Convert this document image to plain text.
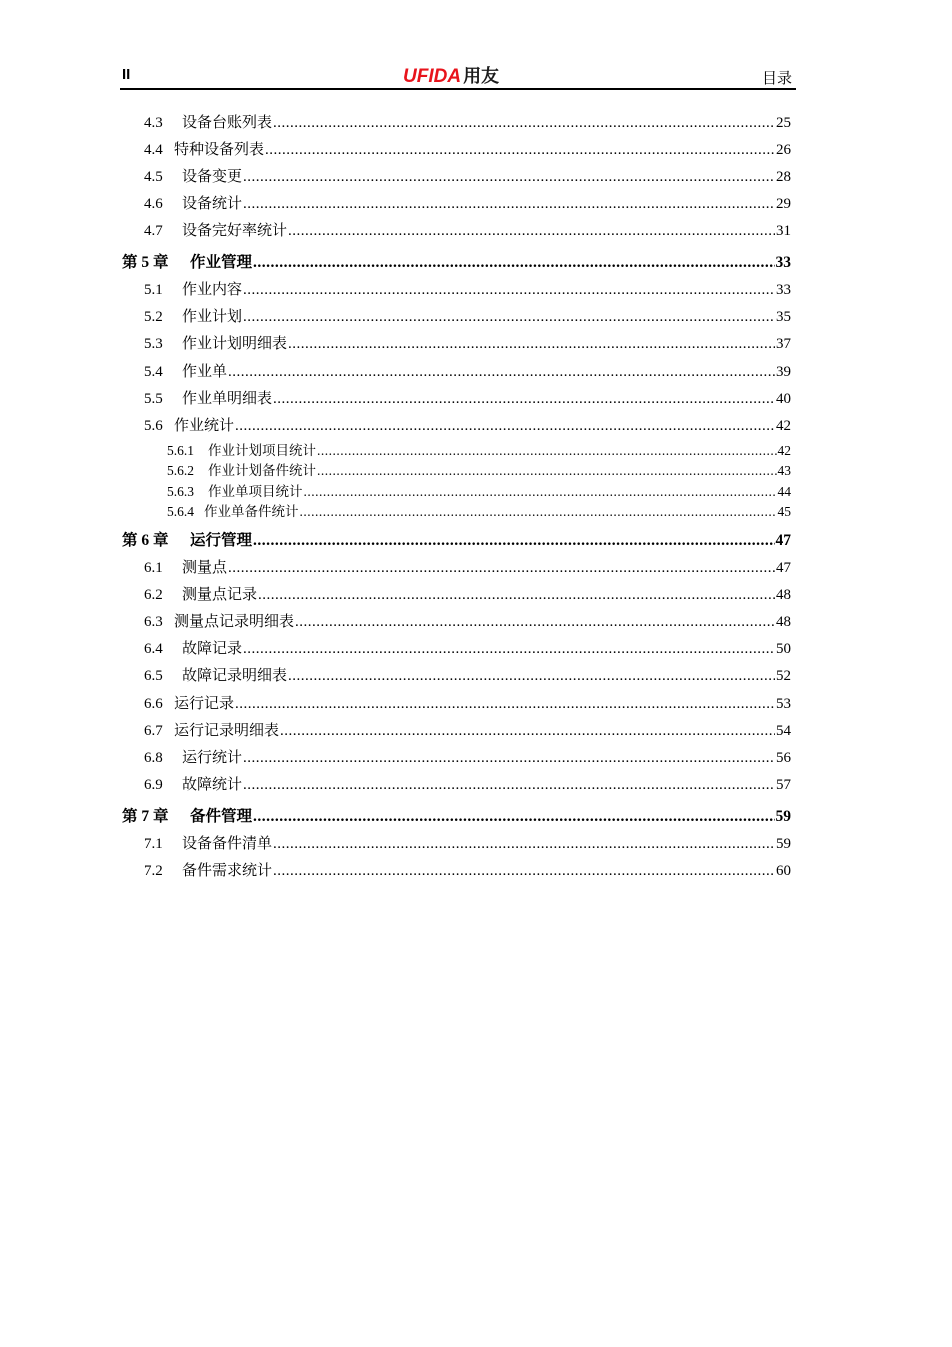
II	UFIDA 用友	目录
4.3	设备台账列表 .....	25
4.4 特种设备列表 .....	26
4.5	设备变更 .....	28
4.6	设备统计 .....	29
4.7	设备完好率统计 .....	31
第 5 章	作业管理 .....	33
5.1	作业内容 .....	33
5.2	作业计划 .....	35
5.3	作业计划明细表 .....	37
5.4	作业单 .....	39
5.5	作业单明细表 .....	40
5.6 作业统计 .....	42
5.6.1	作业计划项目统计 .....	42
5.6.2	作业计划备件统计 .....	43
5.6.3	作业单项目统计 .....	44
5.6.4 作业单备件统计 .....	45
第 6 章	运行管理 .....	47
6.1	测量点 .....	47
6.2	测量点记录 .....	48
6.3 测量点记录明细表 .....	48
6.4	故障记录 .....	50
6.5	故障记录明细表 .....	52
6.6 运行记录 .....	53
6.7 运行记录明细表 .....	54
6.8	运行统计 .....	56
6.9	故障统计 .....	57
第 7 章	备件管理 .....	59
7.1	设备备件清单 .....	59
7.2	备件需求统计 .....	60
